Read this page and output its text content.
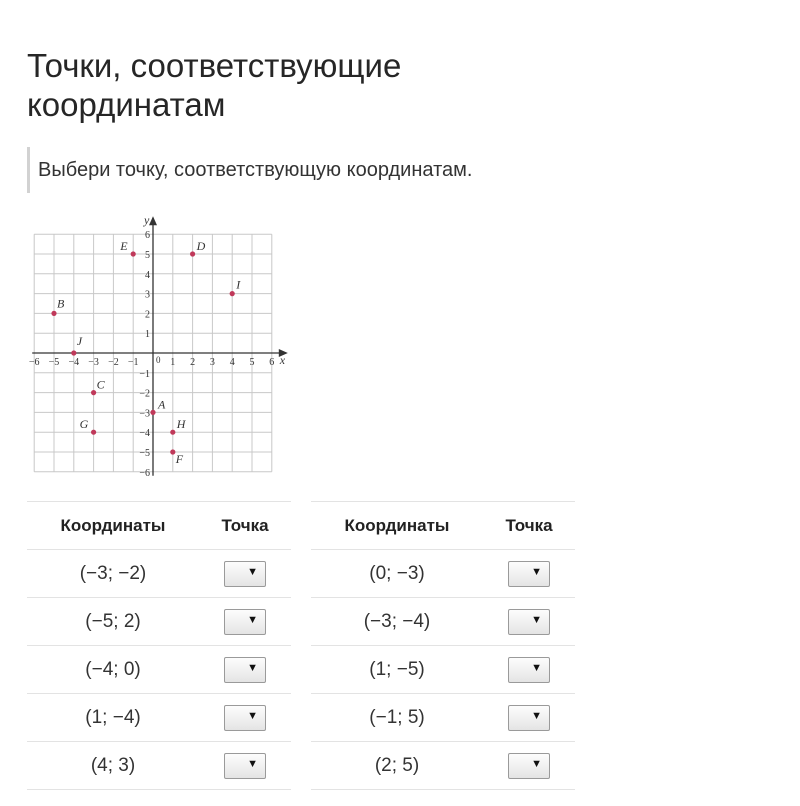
Точки, соответствующие координатам
Выбери точку, соответствующую координатам.
−6 −5 −4 −3 −2 −1	1 2 3 4 5 6
6
5
4
3
2
1
−1
−2
−3
−4
−5
−6
0	x
y
A
B
C
D
E
F
G	H
I
J
Координаты	Точка
(−3; −2)	▼

(−5; 2)	▼

(−4; 0)	▼

(1; −4)	▼

(4; 3)	▼
Координаты	Точка
(0; −3)	▼

(−3; −4)	▼

(1; −5)	▼

(−1; 5)	▼

(2; 5)	▼
